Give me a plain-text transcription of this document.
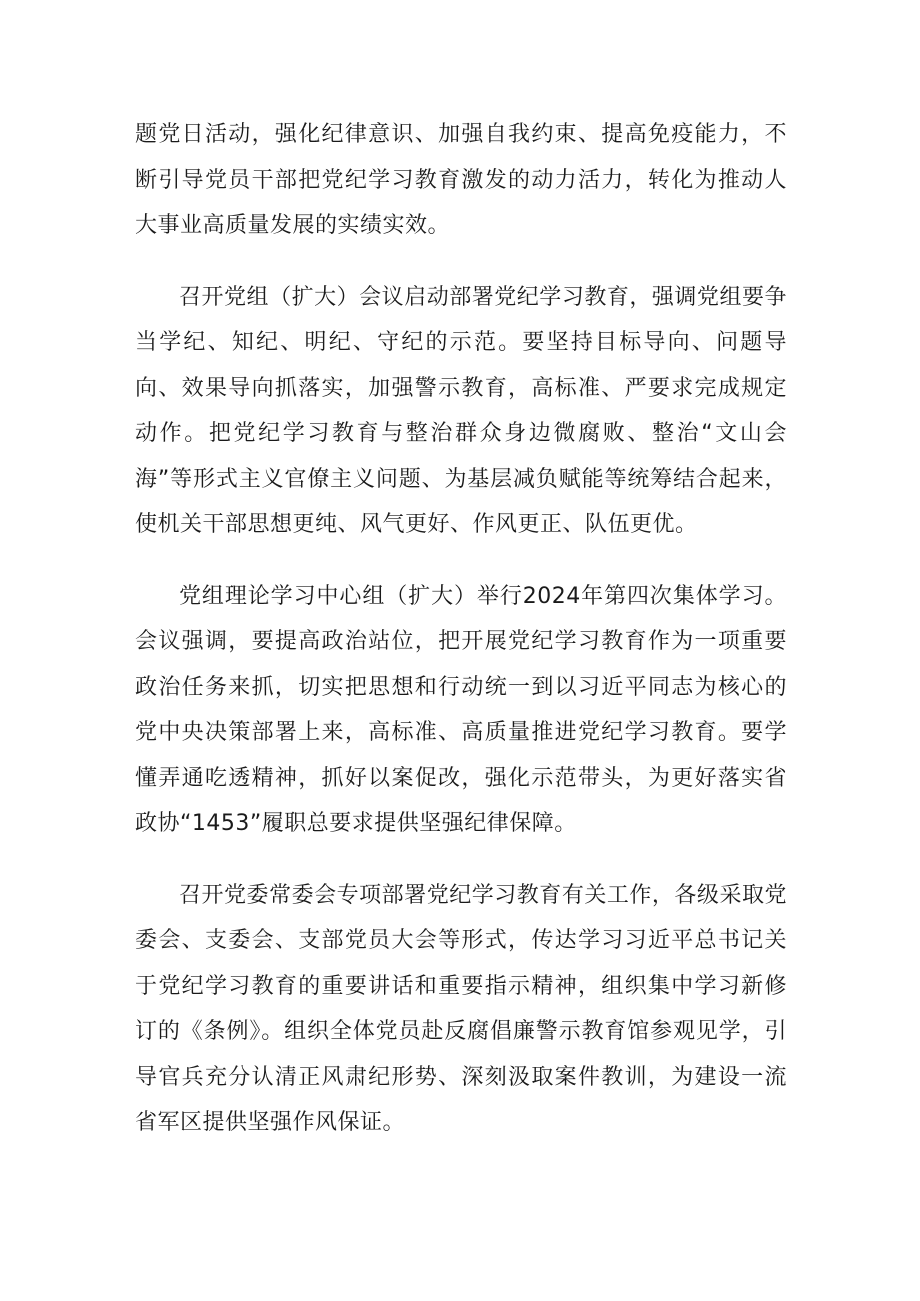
题党日活动，强化纪律意识、加强自我约束、提高免疫能力，不断引导党员干部把党纪学习教育激发的动力活力，转化为推动人大事业高质量发展的实绩实效。

召开党组（扩大）会议启动部署党纪学习教育，强调党组要争当学纪、知纪、明纪、守纪的示范。要坚持目标导向、问题导向、效果导向抓落实，加强警示教育，高标准、严要求完成规定动作。把党纪学习教育与整治群众身边微腐败、整治“文山会海”等形式主义官僚主义问题、为基层减负赋能等统筹结合起来，使机关干部思想更纯、风气更好、作风更正、队伍更优。

党组理论学习中心组（扩大）举行2024年第四次集体学习。会议强调，要提高政治站位，把开展党纪学习教育作为一项重要政治任务来抓，切实把思想和行动统一到以习近平同志为核心的党中央决策部署上来，高标准、高质量推进党纪学习教育。要学懂弄通吃透精神，抓好以案促改，强化示范带头，为更好落实省政协“1453”履职总要求提供坚强纪律保障。

召开党委常委会专项部署党纪学习教育有关工作，各级采取党委会、支委会、支部党员大会等形式，传达学习习近平总书记关于党纪学习教育的重要讲话和重要指示精神，组织集中学习新修订的《条例》。组织全体党员赴反腐倡廉警示教育馆参观见学，引导官兵充分认清正风肃纪形势、深刻汲取案件教训，为建设一流省军区提供坚强作风保证。
